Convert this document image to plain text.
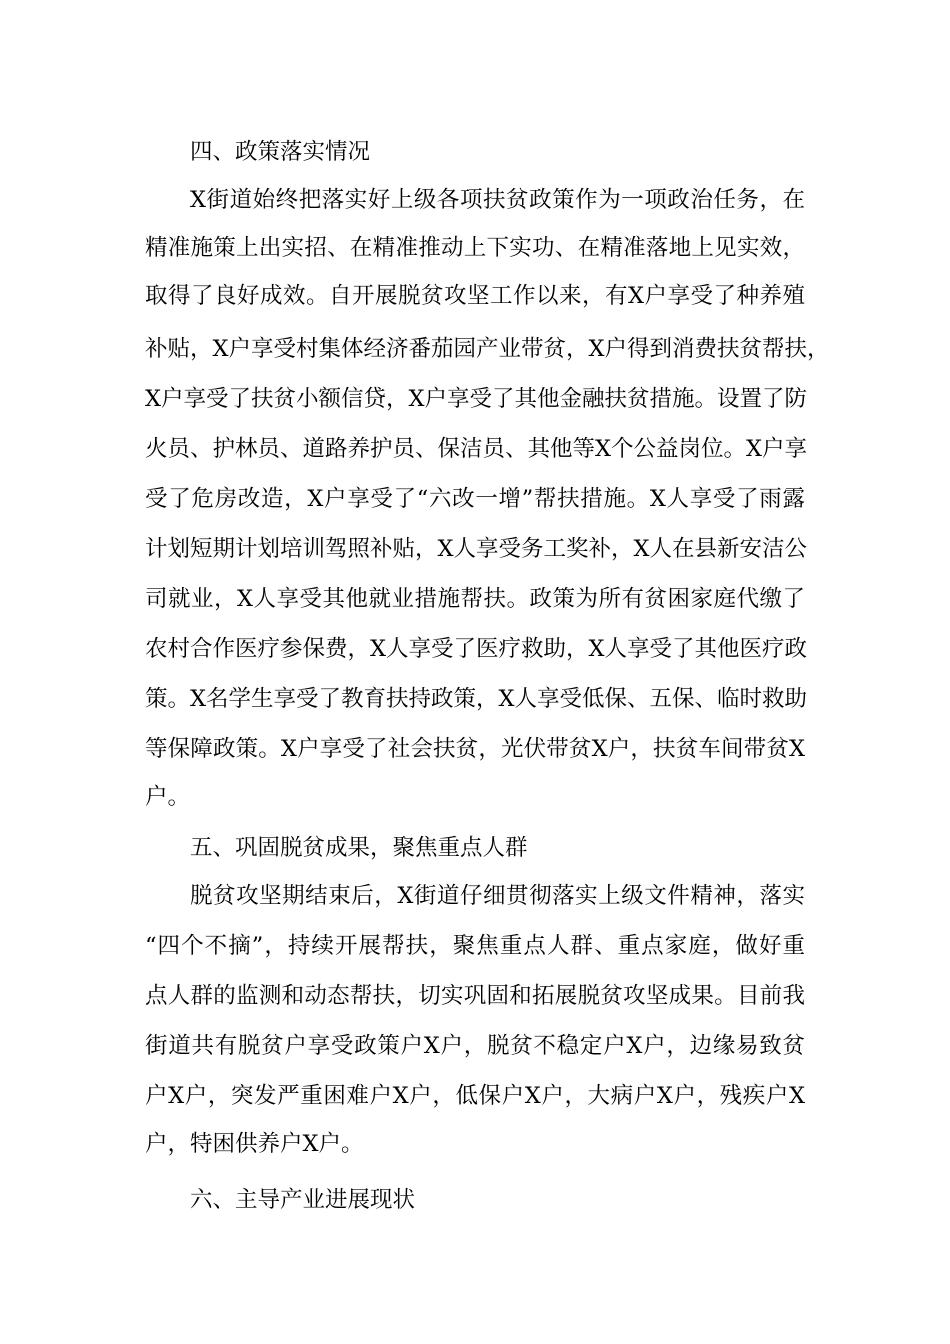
四、政策落实情况
X街道始终把落实好上级各项扶贫政策作为一项政治任务，在
精准施策上出实招、在精准推动上下实功、在精准落地上见实效，
取得了良好成效。自开展脱贫攻坚工作以来，有X户享受了种养殖
补贴，X户享受村集体经济番茄园产业带贫，X户得到消费扶贫帮扶，
X户享受了扶贫小额信贷，X户享受了其他金融扶贫措施。设置了防
火员、护林员、道路养护员、保洁员、其他等X个公益岗位。X户享
受了危房改造，X户享受了“六改一增”帮扶措施。X人享受了雨露
计划短期计划培训驾照补贴，X人享受务工奖补，X人在县新安洁公
司就业，X人享受其他就业措施帮扶。政策为所有贫困家庭代缴了
农村合作医疗参保费，X人享受了医疗救助，X人享受了其他医疗政
策。X名学生享受了教育扶持政策，X人享受低保、五保、临时救助
等保障政策。X户享受了社会扶贫，光伏带贫X户，扶贫车间带贫X
户。
五、巩固脱贫成果，聚焦重点人群
脱贫攻坚期结束后，X街道仔细贯彻落实上级文件精神，落实
“四个不摘”，持续开展帮扶，聚焦重点人群、重点家庭，做好重
点人群的监测和动态帮扶，切实巩固和拓展脱贫攻坚成果。目前我
街道共有脱贫户享受政策户X户，脱贫不稳定户X户，边缘易致贫
户X户，突发严重困难户X户，低保户X户，大病户X户，残疾户X
户，特困供养户X户。
六、主导产业进展现状
